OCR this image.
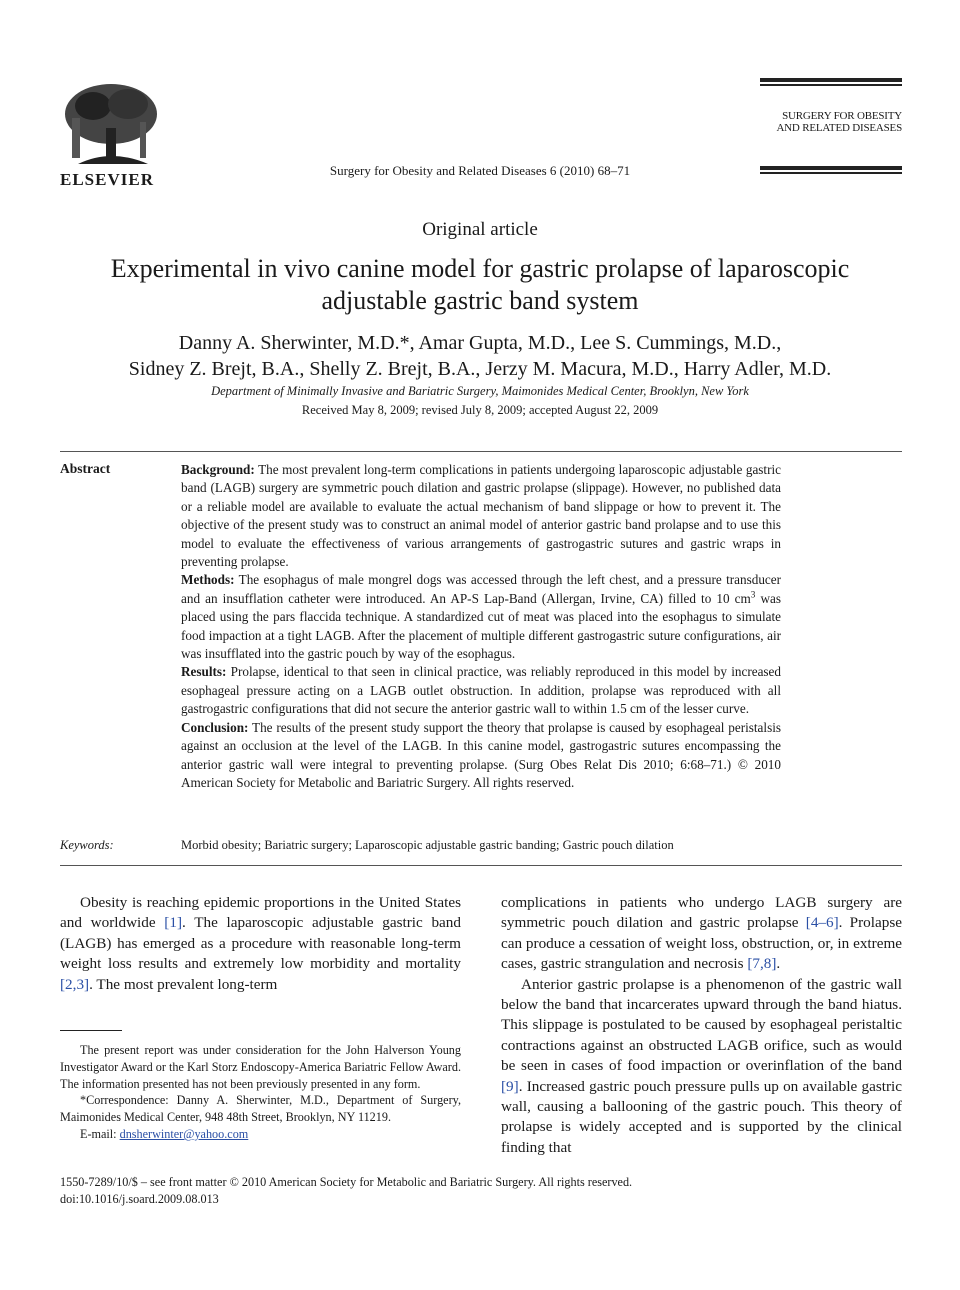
ELSEVIER	Surgery for Obesity and Related Diseases 6 (2010) 68–71
SURGERY FOR OBESITY
AND RELATED DISEASES
Original article
Experimental in vivo canine model for gastric prolapse of laparoscopic
adjustable gastric band system
Danny A. Sherwinter, M.D.*, Amar Gupta, M.D., Lee S. Cummings, M.D.,
Sidney Z. Brejt, B.A., Shelly Z. Brejt, B.A., Jerzy M. Macura, M.D., Harry Adler, M.D.
Department of Minimally Invasive and Bariatric Surgery, Maimonides Medical Center, Brooklyn, New York
Received May 8, 2009; revised July 8, 2009; accepted August 22, 2009
Abstract	Background: The most prevalent long-term complications in patients undergoing laparoscopic adjustable gastric band (LAGB) surgery are symmetric pouch dilation and gastric prolapse (slippage). However, no published data or a reliable model are available to evaluate the actual mechanism of band slippage or how to prevent it. The objective of the present study was to construct an animal model of anterior gastric band prolapse and to use this model to evaluate the effectiveness of various arrangements of gastrogastric sutures and gastric wraps in preventing prolapse.

Methods: The esophagus of male mongrel dogs was accessed through the left chest, and a pressure transducer and an insufflation catheter were introduced. An AP-S Lap-Band (Allergan, Irvine, CA) filled to 10 $cm^3$ was placed using the pars flaccida technique. A standardized cut of meat was placed into the esophagus to simulate food impaction at a tight LAGB. After the placement of multiple different gastrogastric suture configurations, air was insufflated into the gastric pouch by way of the esophagus.

Results: Prolapse, identical to that seen in clinical practice, was reliably reproduced in this model by increased esophageal pressure acting on a LAGB outlet obstruction. In addition, prolapse was reproduced with all gastrogastric configurations that did not secure the anterior gastric wall to within 1.5 cm of the lesser curve.

Conclusion: The results of the present study support the theory that prolapse is caused by esophageal peristalsis against an occlusion at the level of the LAGB. In this canine model, gastrogastric sutures encompassing the anterior gastric wall were integral to preventing prolapse. (Surg Obes Relat Dis 2010; 6:68–71.) © 2010 American Society for Metabolic and Bariatric Surgery. All rights reserved.

Keywords:	Morbid obesity; Bariatric surgery; Laparoscopic adjustable gastric banding; Gastric pouch dilation

Obesity is reaching epidemic proportions in the United States and worldwide [1]. The laparoscopic adjustable gastric band (LAGB) has emerged as a procedure with reasonable long-term weight loss results and extremely low morbidity and mortality [2,3]. The most prevalent long-term

complications in patients who undergo LAGB surgery are symmetric pouch dilation and gastric prolapse [4–6]. Prolapse can produce a cessation of weight loss, obstruction, or, in extreme cases, gastric strangulation and necrosis [7,8].

Anterior gastric prolapse is a phenomenon of the gastric wall below the band that incarcerates upward through the band hiatus. This slippage is postulated to be caused by esophageal peristaltic contractions against an obstructed LAGB orifice, such as would be seen in cases of food impaction or overinflation of the band [9]. Increased gastric pouch pressure pulls up on available gastric wall, causing a ballooning of the gastric pouch. This theory of prolapse is widely accepted and is supported by the clinical finding that

The present report was under consideration for the John Halverson Young Investigator Award or the Karl Storz Endoscopy-America Bariatric Fellow Award. The information presented has not been previously presented in any form.

*Correspondence: Danny A. Sherwinter, M.D., Department of Surgery, Maimonides Medical Center, 948 48th Street, Brooklyn, NY 11219.

E-mail: dnsherwinter@yahoo.com

1550-7289/10/$ – see front matter © 2010 American Society for Metabolic and Bariatric Surgery. All rights reserved.
doi:10.1016/j.soard.2009.08.013
